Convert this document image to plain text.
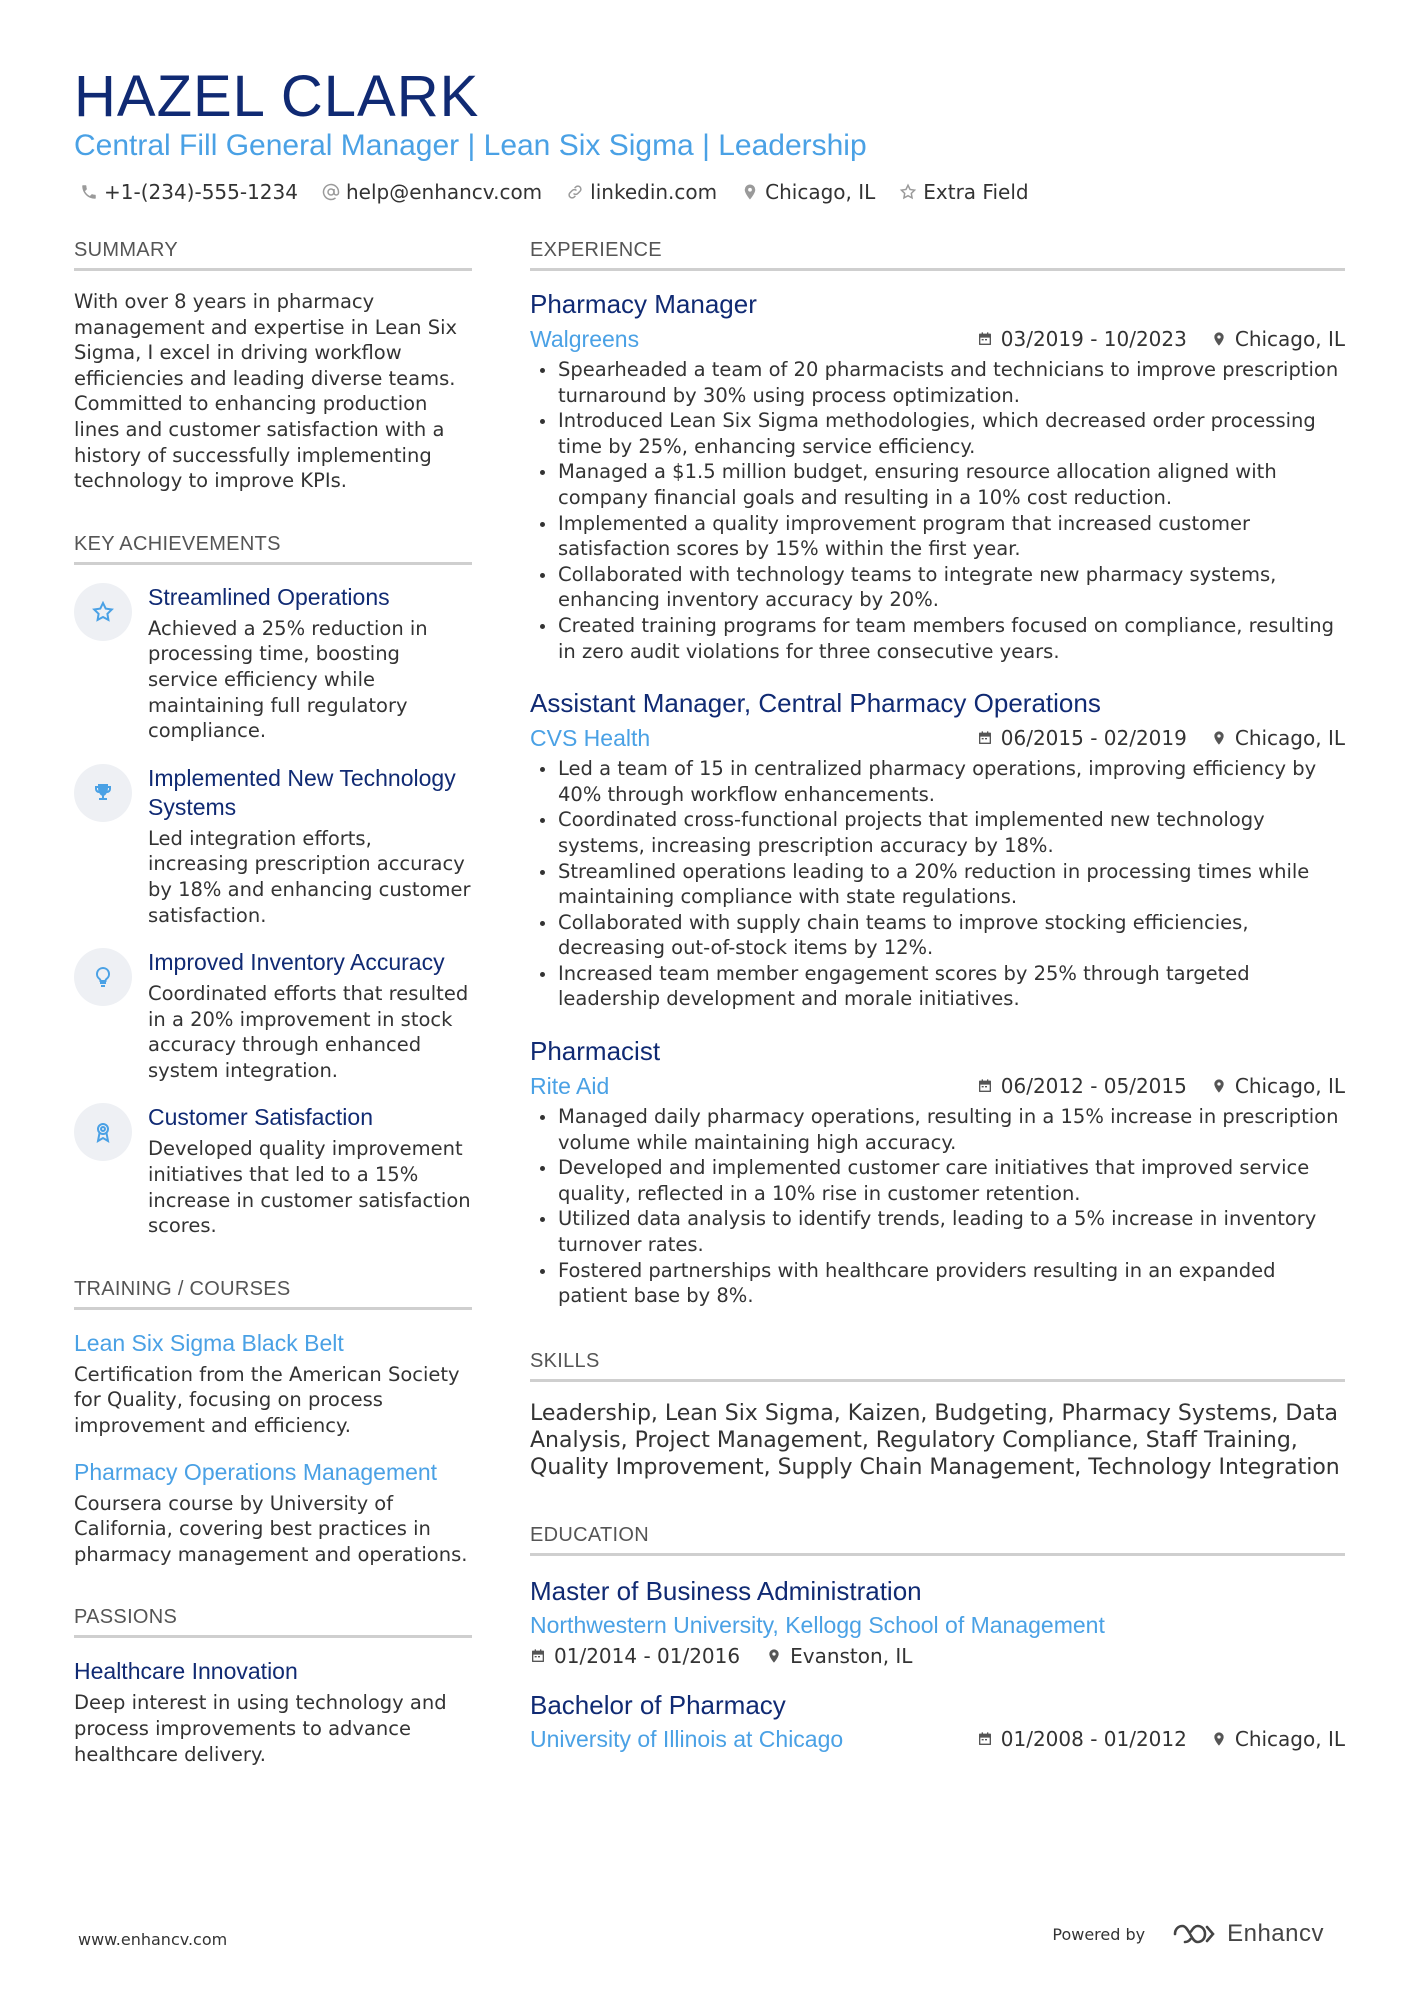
HAZEL CLARK
Central Fill General Manager | Lean Six Sigma | Leadership
+1-(234)-555-1234 help@enhancv.com linkedin.com Chicago, IL Extra Field
SUMMARY
With over 8 years in pharmacy management and expertise in Lean Six Sigma, I excel in driving workflow efficiencies and leading diverse teams. Committed to enhancing production lines and customer satisfaction with a history of successfully implementing technology to improve KPIs.
KEY ACHIEVEMENTS
Streamlined Operations
Achieved a 25% reduction in processing time, boosting service efficiency while maintaining full regulatory compliance.
Implemented New Technology Systems
Led integration efforts, increasing prescription accuracy by 18% and enhancing customer satisfaction.
Improved Inventory Accuracy
Coordinated efforts that resulted in a 20% improvement in stock accuracy through enhanced system integration.
Customer Satisfaction
Developed quality improvement initiatives that led to a 15% increase in customer satisfaction scores.
TRAINING / COURSES
Lean Six Sigma Black Belt
Certification from the American Society for Quality, focusing on process improvement and efficiency.
Pharmacy Operations Management
Coursera course by University of California, covering best practices in pharmacy management and operations.
PASSIONS
Healthcare Innovation
Deep interest in using technology and process improvements to advance healthcare delivery.
EXPERIENCE
Pharmacy Manager
Walgreens	03/2019 - 10/2023 Chicago, IL
Spearheaded a team of 20 pharmacists and technicians to improve prescription turnaround by 30% using process optimization.
Introduced Lean Six Sigma methodologies, which decreased order processing time by 25%, enhancing service efficiency.
Managed a $1.5 million budget, ensuring resource allocation aligned with company financial goals and resulting in a 10% cost reduction.
Implemented a quality improvement program that increased customer satisfaction scores by 15% within the first year.
Collaborated with technology teams to integrate new pharmacy systems, enhancing inventory accuracy by 20%.
Created training programs for team members focused on compliance, resulting in zero audit violations for three consecutive years.
Assistant Manager, Central Pharmacy Operations
CVS Health	06/2015 - 02/2019 Chicago, IL
Led a team of 15 in centralized pharmacy operations, improving efficiency by 40% through workflow enhancements.
Coordinated cross-functional projects that implemented new technology systems, increasing prescription accuracy by 18%.
Streamlined operations leading to a 20% reduction in processing times while maintaining compliance with state regulations.
Collaborated with supply chain teams to improve stocking efficiencies, decreasing out-of-stock items by 12%.
Increased team member engagement scores by 25% through targeted leadership development and morale initiatives.
Pharmacist
Rite Aid	06/2012 - 05/2015 Chicago, IL
Managed daily pharmacy operations, resulting in a 15% increase in prescription volume while maintaining high accuracy.
Developed and implemented customer care initiatives that improved service quality, reflected in a 10% rise in customer retention.
Utilized data analysis to identify trends, leading to a 5% increase in inventory turnover rates.
Fostered partnerships with healthcare providers resulting in an expanded patient base by 8%.
SKILLS
Leadership, Lean Six Sigma, Kaizen, Budgeting, Pharmacy Systems, Data Analysis, Project Management, Regulatory Compliance, Staff Training, Quality Improvement, Supply Chain Management, Technology Integration
EDUCATION
Master of Business Administration
Northwestern University, Kellogg School of Management
01/2014 - 01/2016	Evanston, IL
Bachelor of Pharmacy
University of Illinois at Chicago	01/2008 - 01/2012 Chicago, IL
www.enhancv.com	Powered by	Enhancv
